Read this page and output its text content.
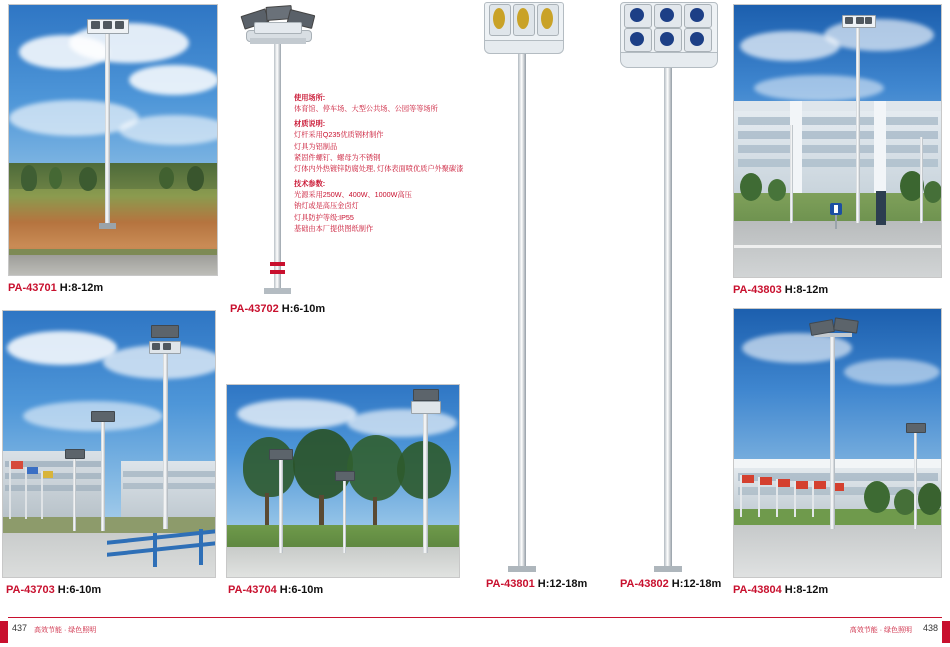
PA-43701 H:8-12m
使用场所:
体育馆、停车场、大型公共场、公园等等场所
材质说明:
灯杆采用Q235优质钢材制作
灯具为铝制品
紧固件螺钉、螺母为不锈钢
灯体内外热镀锌防腐处理, 灯体表面喷优质户外聚碳漆
技术参数:
光源采用250W、400W、1000W高压
钠灯或是高压金卤灯
灯具防护等级:IP55
基础由本厂提供图纸制作
PA-43702 H:6-10m
PA-43801 H:12-18m	PA-43802 H:12-18m
PA-43803 H:8-12m
PA-43703 H:6-10m	PA-43704 H:6-10m	PA-43804 H:8-12m
437 高效节能 · 绿色照明	高效节能 · 绿色照明 438
